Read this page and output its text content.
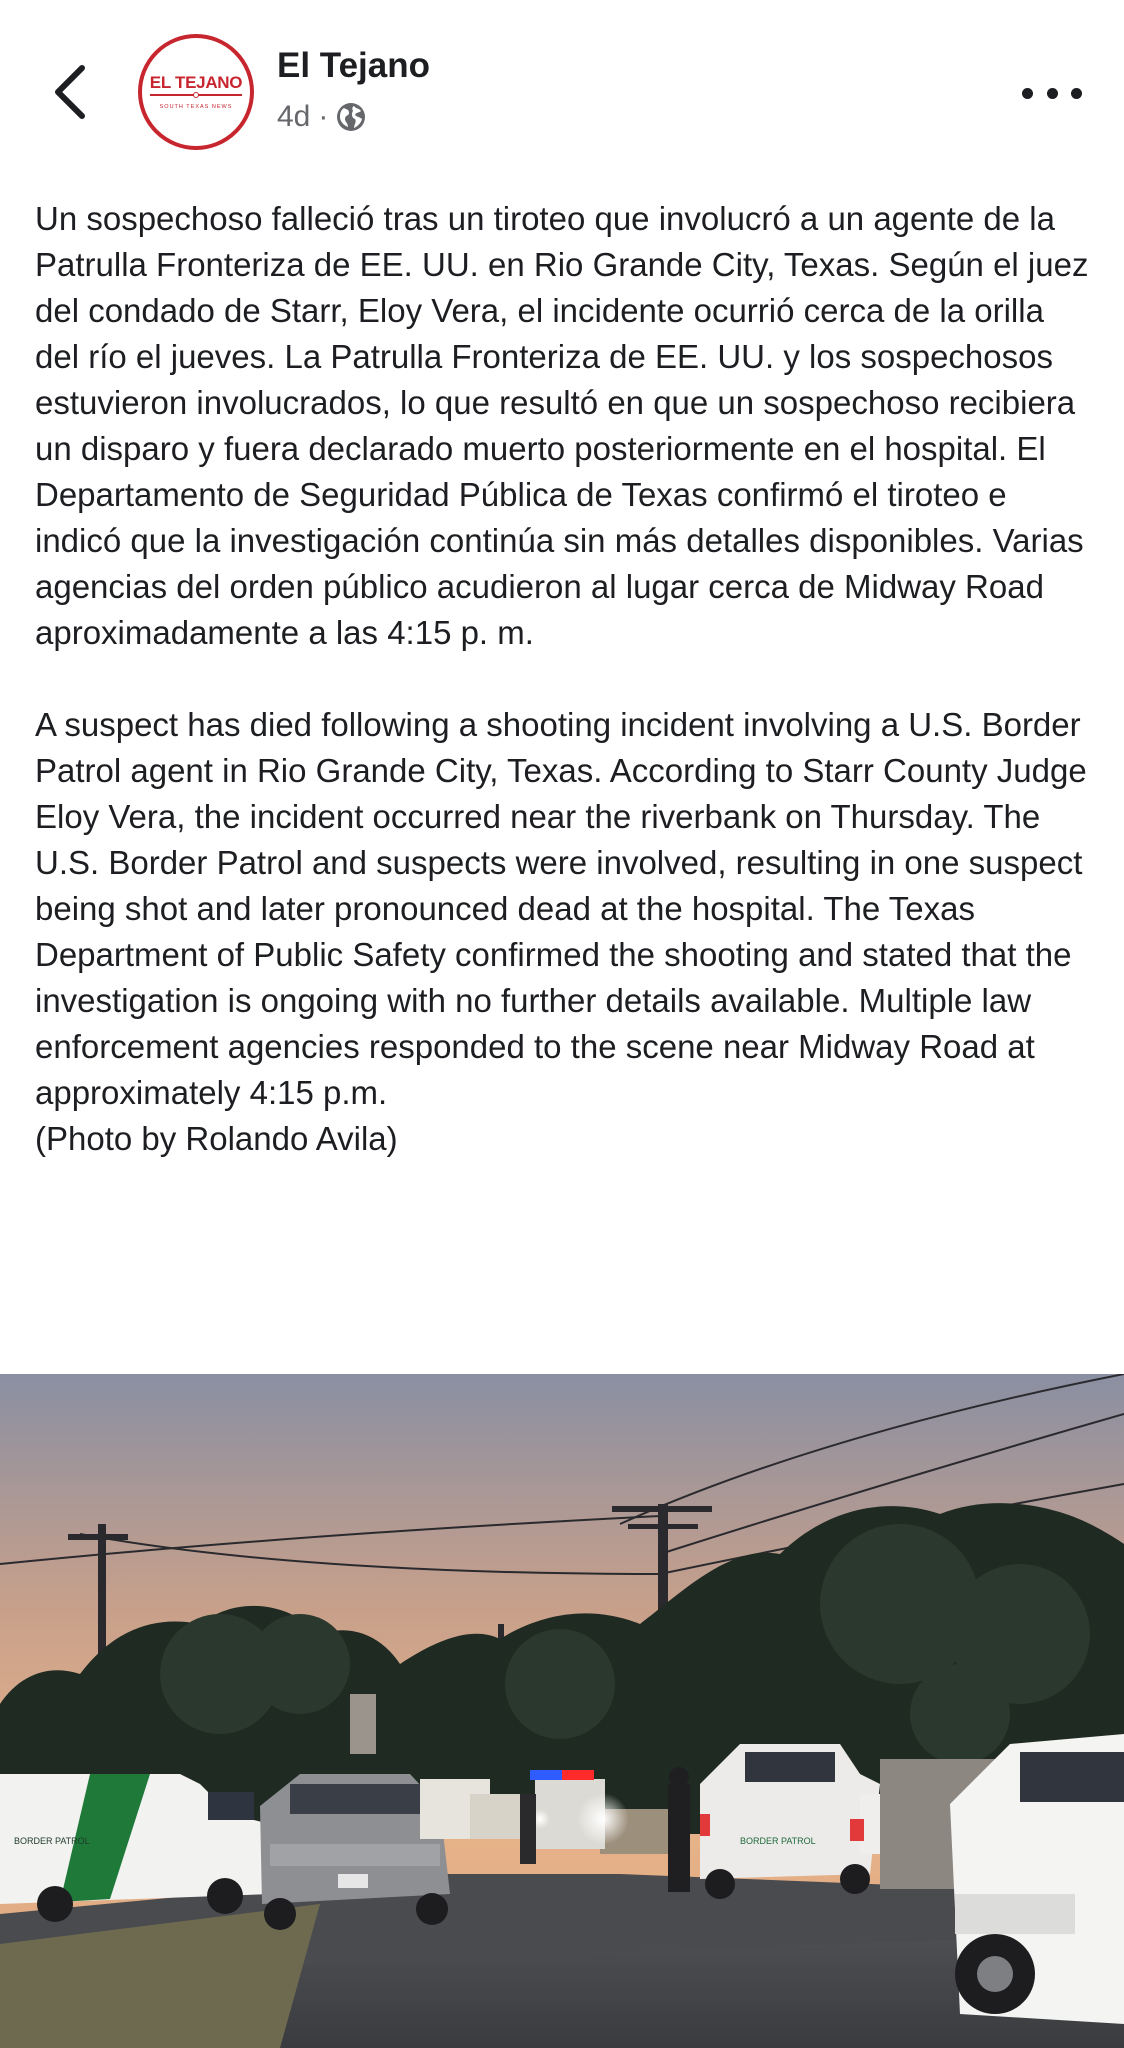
EL TEJANO
SOUTH TEXAS NEWS
El Tejano
4d ·

Un sospechoso falleció tras un tiroteo que involucró a un agente de la Patrulla Fronteriza de EE. UU. en Rio Grande City, Texas. Según el juez del condado de Starr, Eloy Vera, el incidente ocurrió cerca de la orilla del río el jueves. La Patrulla Fronteriza de EE. UU. y los sospechosos estuvieron involucrados, lo que resultó en que un sospechoso recibiera un disparo y fuera declarado muerto posteriormente en el hospital. El Departamento de Seguridad Pública de Texas confirmó el tiroteo e indicó que la investigación continúa sin más detalles disponibles. Varias agencias del orden público acudieron al lugar cerca de Midway Road aproximadamente a las 4:15 p. m.

A suspect has died following a shooting incident involving a U.S. Border Patrol agent in Rio Grande City, Texas. According to Starr County Judge Eloy Vera, the incident occurred near the riverbank on Thursday. The U.S. Border Patrol and suspects were involved, resulting in one suspect being shot and later pronounced dead at the hospital. The Texas Department of Public Safety confirmed the shooting and stated that the investigation is ongoing with no further details available. Multiple law enforcement agencies responded to the scene near Midway Road at approximately 4:15 p.m.

(Photo by Rolando Avila)

BORDER PATROL	BORDER PATROL
